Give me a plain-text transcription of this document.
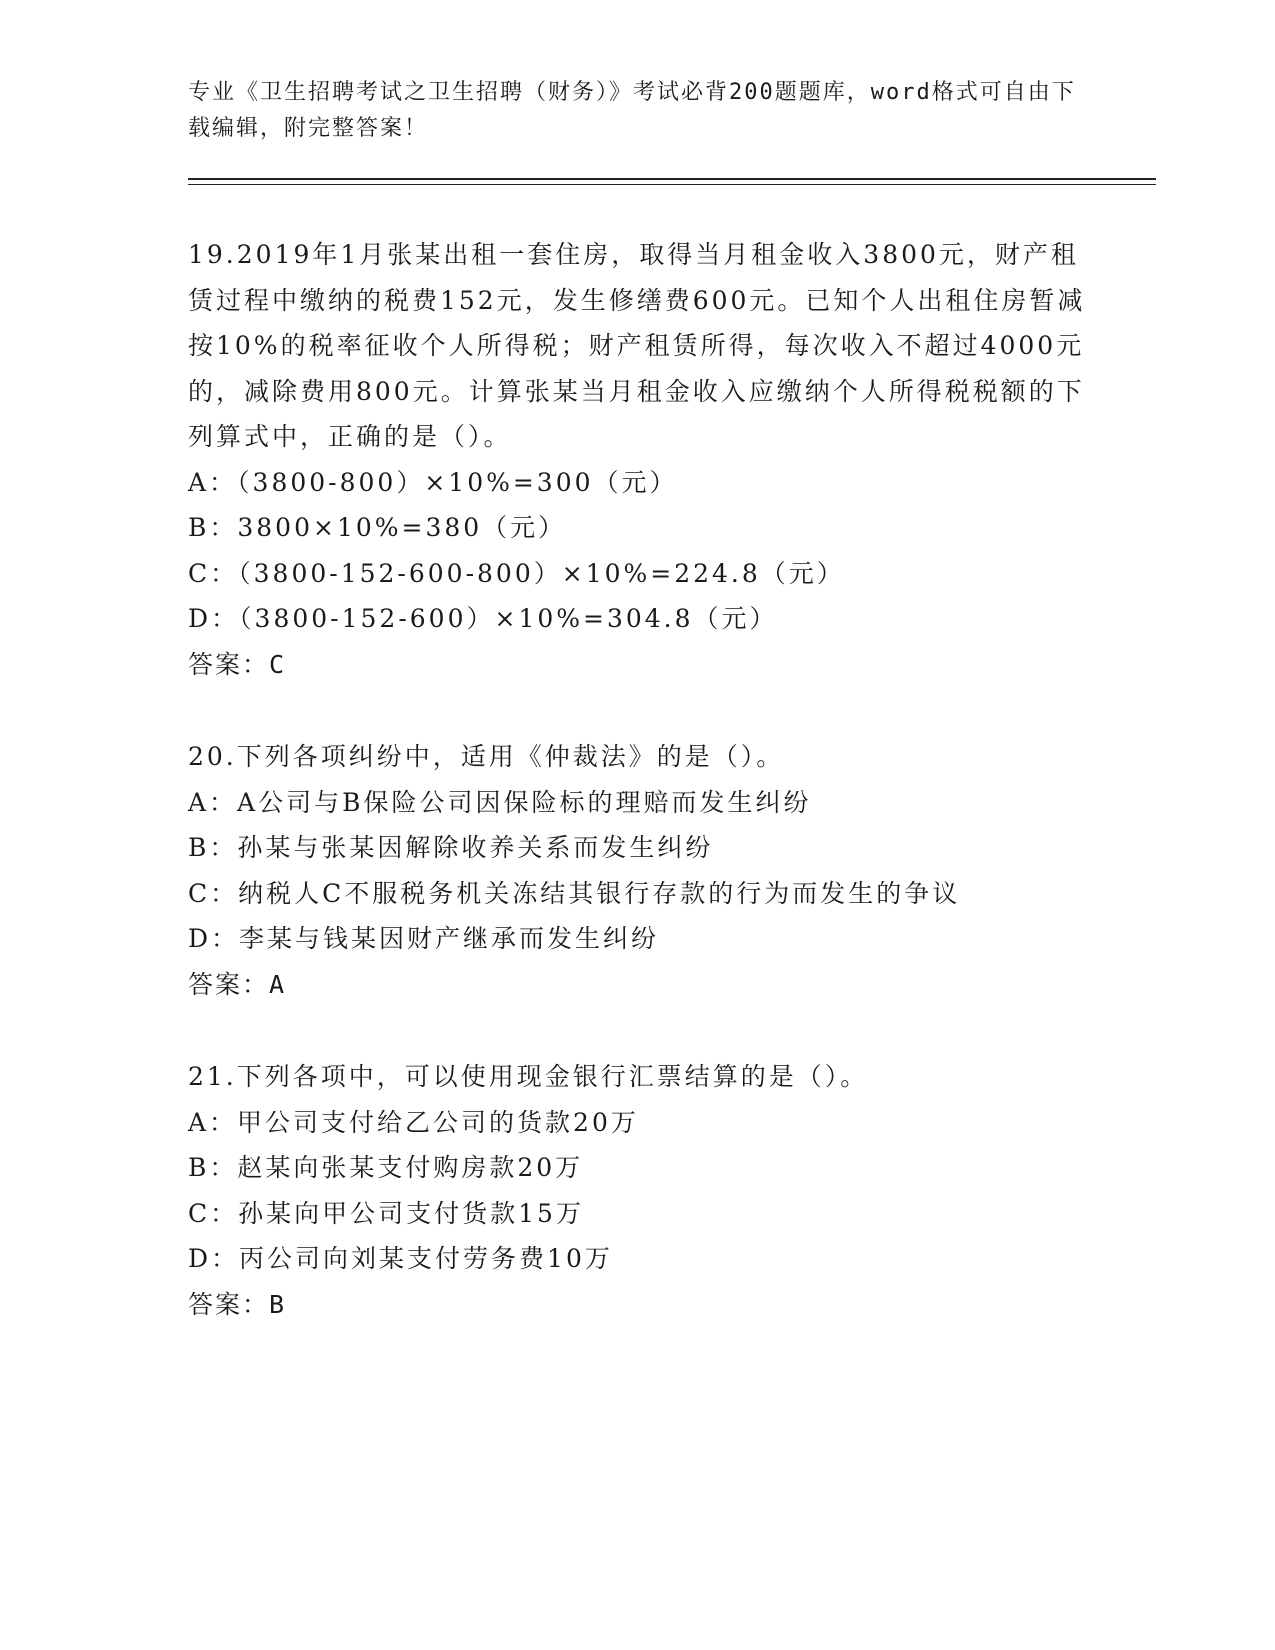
专业《卫生招聘考试之卫生招聘（财务）》考试必背200题题库，word格式可自由下载编辑，附完整答案！

19.2019年1月张某出租一套住房，取得当月租金收入3800元，财产租赁过程中缴纳的税费152元，发生修缮费600元。已知个人出租住房暂减按10%的税率征收个人所得税；财产租赁所得，每次收入不超过4000元的，减除费用800元。计算张某当月租金收入应缴纳个人所得税税额的下列算式中，正确的是（）。

A：（3800-800）×10%=300（元）
B：3800×10%=380（元）
C：（3800-152-600-800）×10%=224.8（元）
D：（3800-152-600）×10%=304.8（元）
答案：C

20.下列各项纠纷中，适用《仲裁法》的是（）。

A：A公司与B保险公司因保险标的理赔而发生纠纷
B：孙某与张某因解除收养关系而发生纠纷
C：纳税人C不服税务机关冻结其银行存款的行为而发生的争议
D：李某与钱某因财产继承而发生纠纷
答案：A

21.下列各项中，可以使用现金银行汇票结算的是（）。

A：甲公司支付给乙公司的货款20万
B：赵某向张某支付购房款20万
C：孙某向甲公司支付货款15万
D：丙公司向刘某支付劳务费10万
答案：B
